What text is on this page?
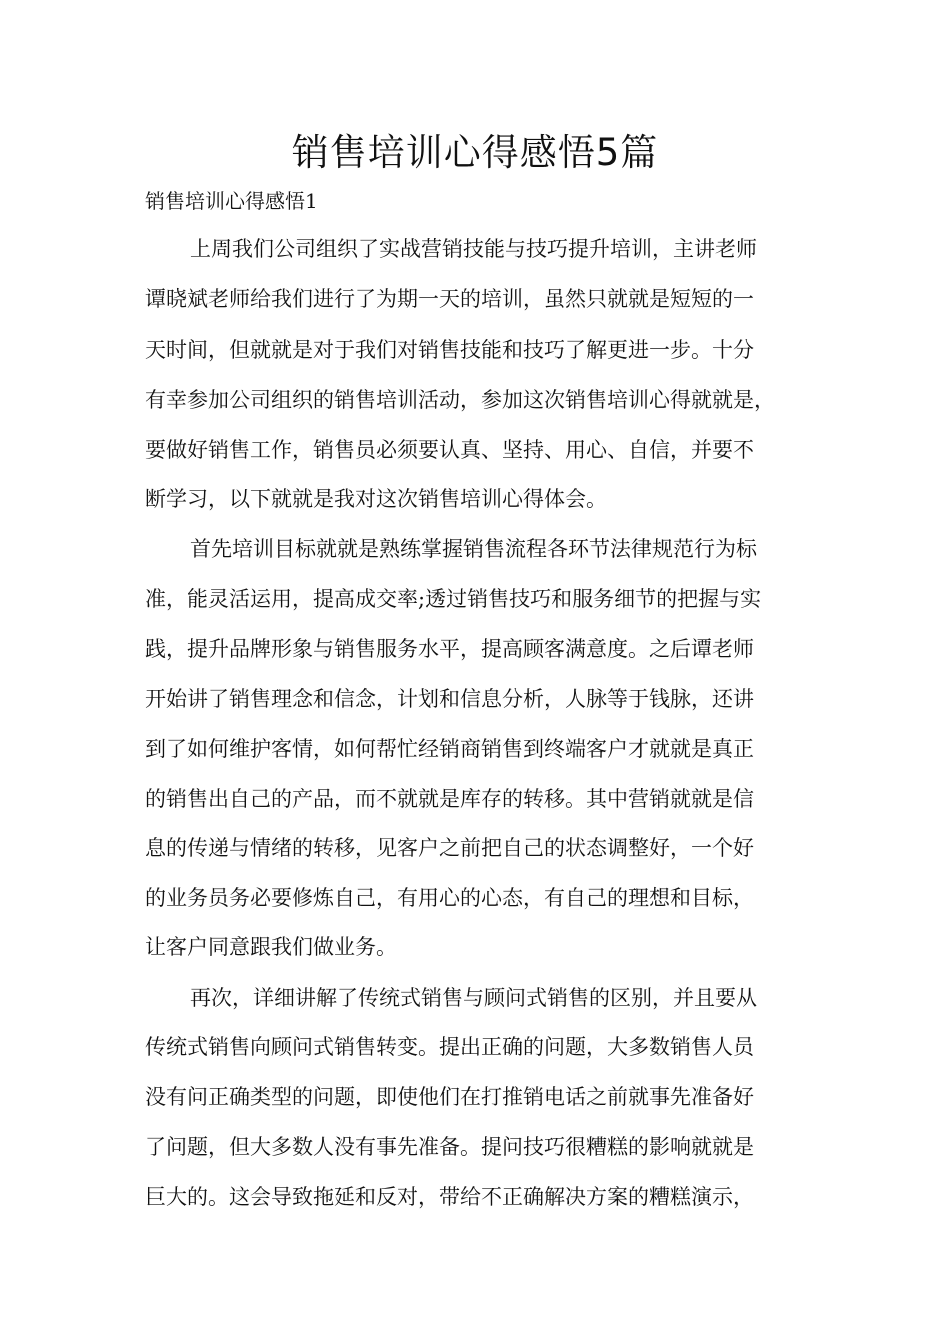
销售培训心得感悟5篇

销售培训心得感悟1

上周我们公司组织了实战营销技能与技巧提升培训，主讲老师

谭晓斌老师给我们进行了为期一天的培训，虽然只就就是短短的一

天时间，但就就是对于我们对销售技能和技巧了解更进一步。十分

有幸参加公司组织的销售培训活动，参加这次销售培训心得就就是，

要做好销售工作，销售员必须要认真、坚持、用心、自信，并要不

断学习，以下就就是我对这次销售培训心得体会。

首先培训目标就就是熟练掌握销售流程各环节法律规范行为标

准，能灵活运用，提高成交率;透过销售技巧和服务细节的把握与实

践，提升品牌形象与销售服务水平，提高顾客满意度。之后谭老师

开始讲了销售理念和信念，计划和信息分析，人脉等于钱脉，还讲

到了如何维护客情，如何帮忙经销商销售到终端客户才就就是真正

的销售出自己的产品，而不就就是库存的转移。其中营销就就是信

息的传递与情绪的转移，见客户之前把自己的状态调整好，一个好

的业务员务必要修炼自己，有用心的心态，有自己的理想和目标，

让客户同意跟我们做业务。

再次，详细讲解了传统式销售与顾问式销售的区别，并且要从

传统式销售向顾问式销售转变。提出正确的问题，大多数销售人员

没有问正确类型的问题，即使他们在打推销电话之前就事先准备好

了问题，但大多数人没有事先准备。提问技巧很糟糕的影响就就是

巨大的。这会导致拖延和反对，带给不正确解决方案的糟糕演示，
